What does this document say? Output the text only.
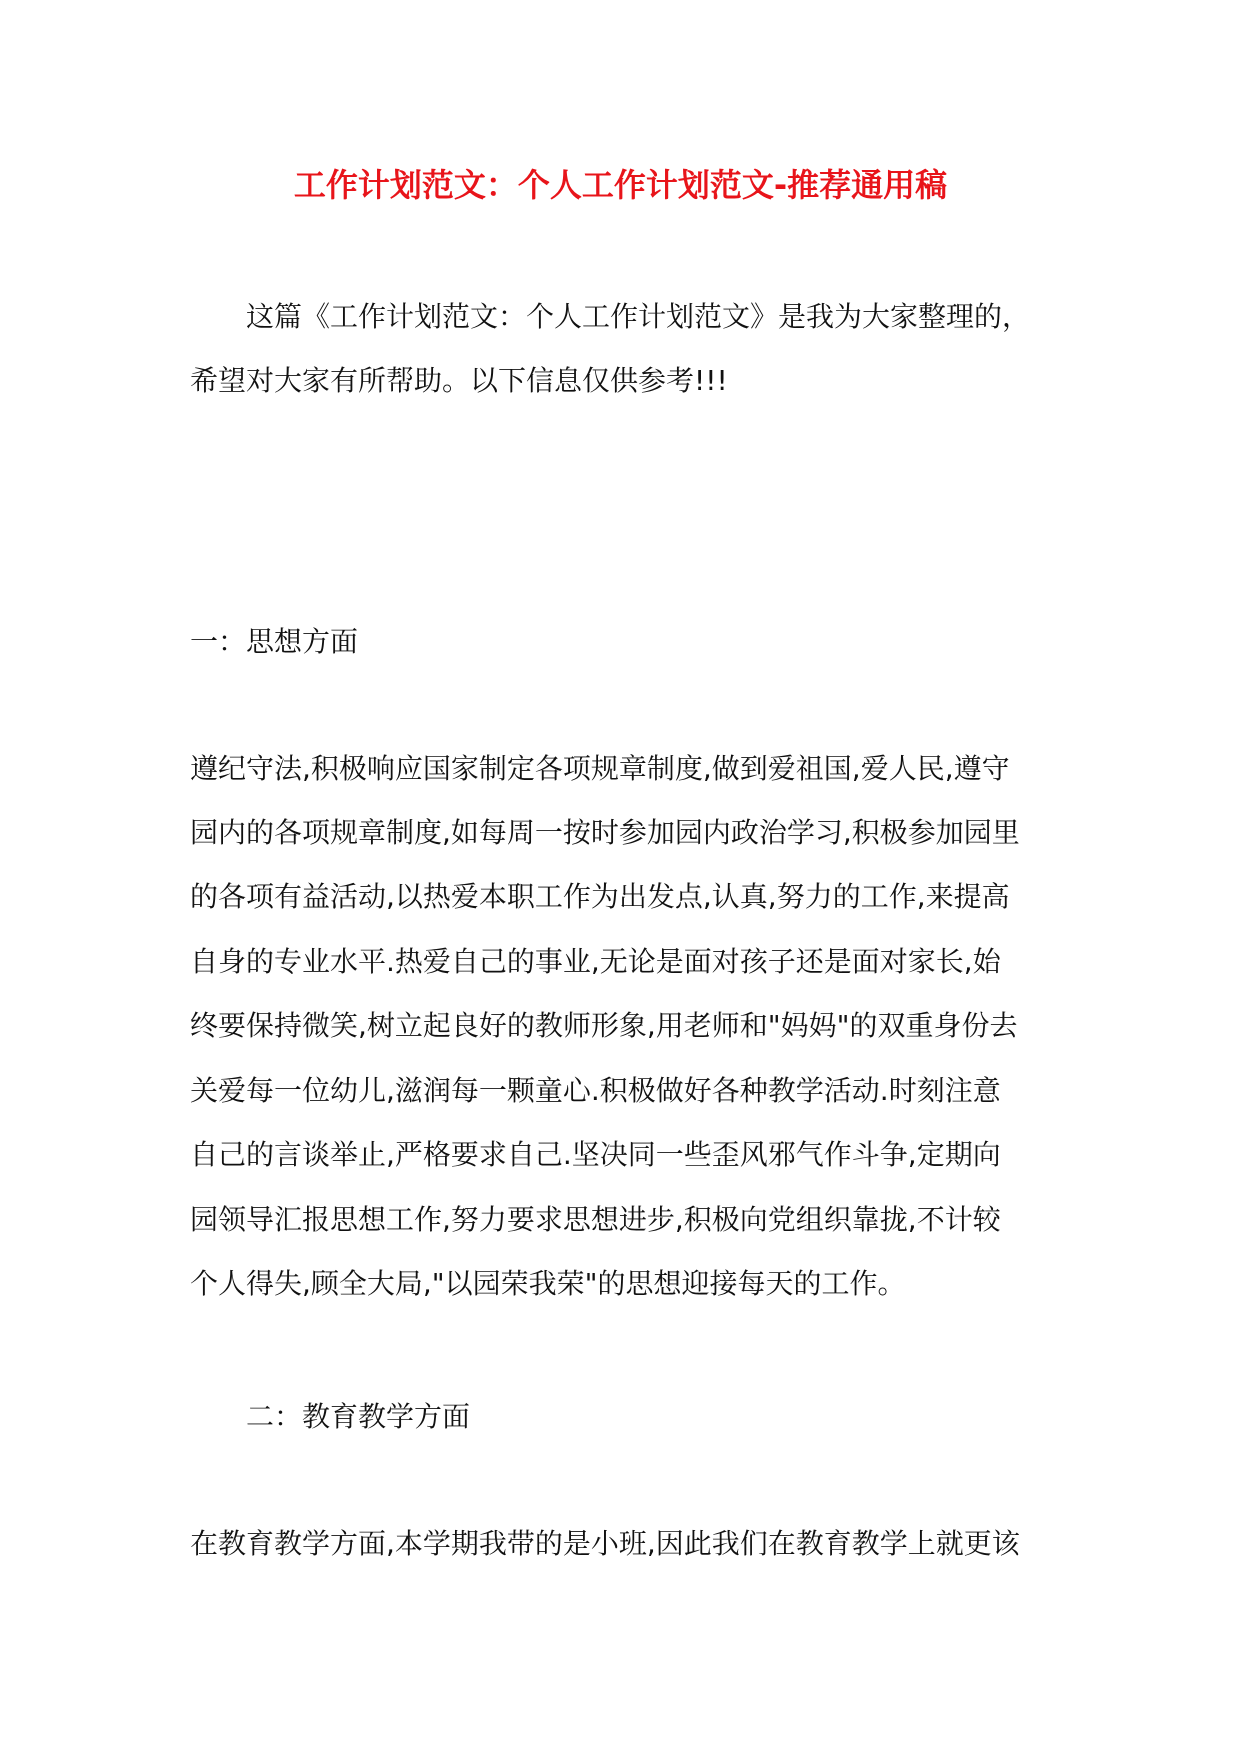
工作计划范文：个人工作计划范文-推荐通用稿
这篇《工作计划范文：个人工作计划范文》是我为大家整理的，
希望对大家有所帮助。以下信息仅供参考!!!
一：思想方面
遵纪守法,积极响应国家制定各项规章制度,做到爱祖国,爱人民,遵守
园内的各项规章制度,如每周一按时参加园内政治学习,积极参加园里
的各项有益活动,以热爱本职工作为出发点,认真,努力的工作,来提高
自身的专业水平.热爱自己的事业,无论是面对孩子还是面对家长,始
终要保持微笑,树立起良好的教师形象,用老师和"妈妈"的双重身份去
关爱每一位幼儿,滋润每一颗童心.积极做好各种教学活动.时刻注意
自己的言谈举止,严格要求自己.坚决同一些歪风邪气作斗争,定期向
园领导汇报思想工作,努力要求思想进步,积极向党组织靠拢,不计较
个人得失,顾全大局,"以园荣我荣"的思想迎接每天的工作。
二：教育教学方面
在教育教学方面,本学期我带的是小班,因此我们在教育教学上就更该
